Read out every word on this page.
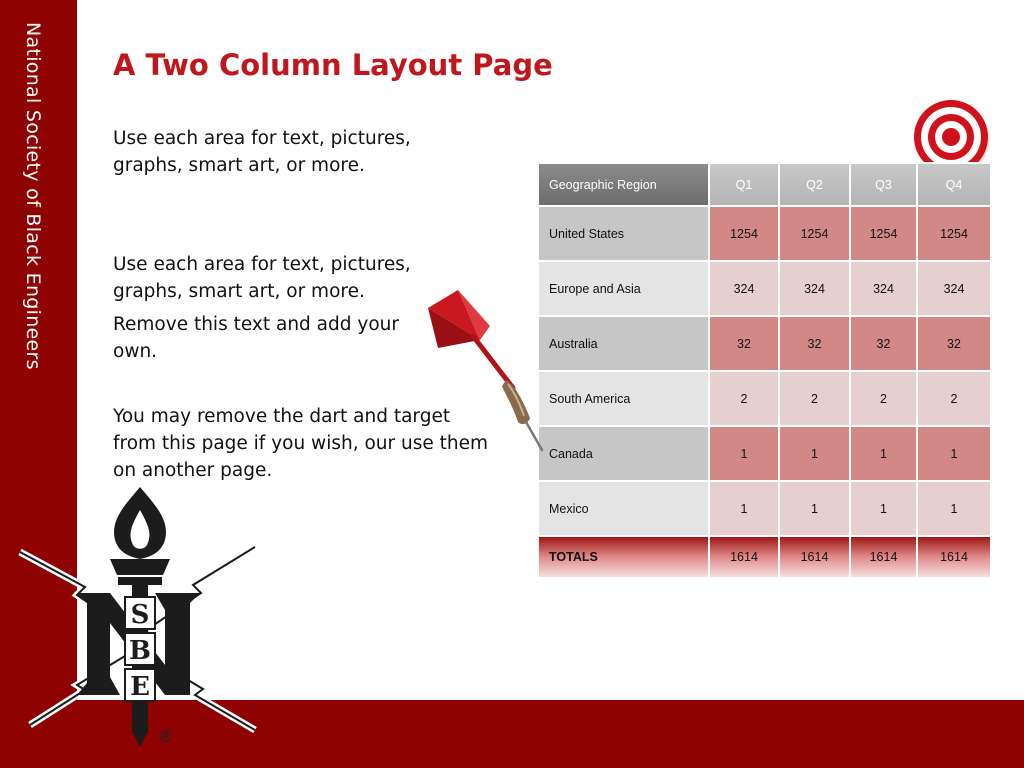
National Society of Black Engineers A Two Column Layout Page
Use each area for text, pictures, graphs, smart art, or more.
Use each area for text, pictures, graphs, smart art, or more.
Remove this text and add your own.
You may remove the dart and target from this page if you wish, our use them on another page.
Geographic Region	Q1	Q2	Q3	Q4
United States	1254	1254	1254	1254
Europe and Asia	324	324	324	324
Australia	32	32	32	32
South America	2	2	2	2
Canada	1	1	1	1
Mexico	1	1	1	1
TOTALS	1614	1614	1614	1614
S
B
E
®
